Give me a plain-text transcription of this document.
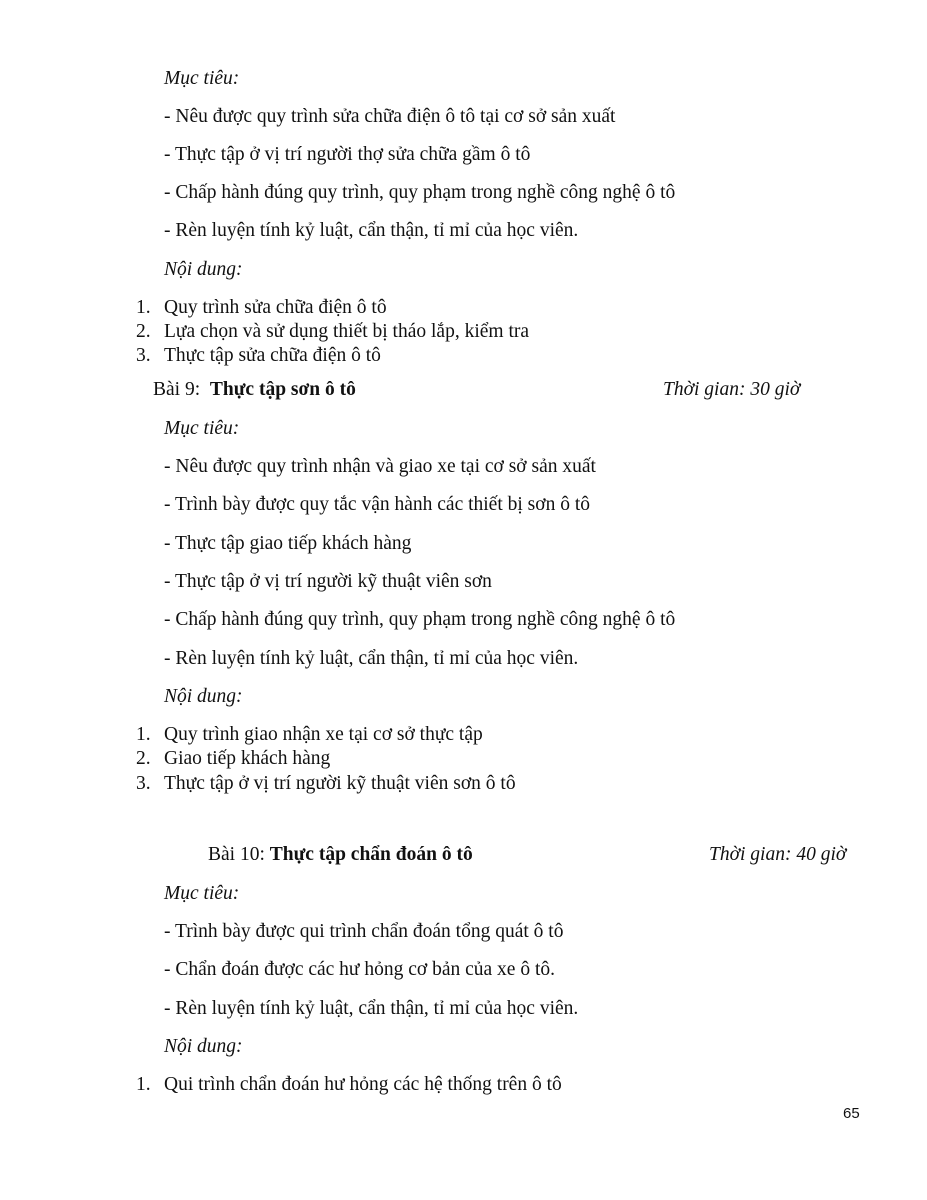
Mục tiêu:
- Nêu được quy trình sửa chữa điện ô tô tại cơ sở sản xuất
- Thực tập ở vị trí người thợ sửa chữa gầm ô tô
- Chấp hành đúng quy trình, quy phạm trong nghề công nghệ ô tô
- Rèn luyện tính kỷ luật, cẩn thận, tỉ mỉ của học viên.
Nội dung:
1. Quy trình sửa chữa điện ô tô
2. Lựa chọn và sử dụng thiết bị tháo lắp, kiểm tra
3. Thực tập sửa chữa điện ô tô
Bài 9: Thực tập sơn ô tô	Thời gian: 30 giờ
Mục tiêu:
- Nêu được quy trình nhận và giao xe tại cơ sở sản xuất
- Trình bày được quy tắc vận hành các thiết bị sơn ô tô
- Thực tập giao tiếp khách hàng
- Thực tập ở vị trí người kỹ thuật viên sơn
- Chấp hành đúng quy trình, quy phạm trong nghề công nghệ ô tô
- Rèn luyện tính kỷ luật, cẩn thận, tỉ mỉ của học viên.
Nội dung:
1. Quy trình giao nhận xe tại cơ sở thực tập
2. Giao tiếp khách hàng
3. Thực tập ở vị trí người kỹ thuật viên sơn ô tô
Bài 10: Thực tập chẩn đoán ô tô	Thời gian: 40 giờ
Mục tiêu:
- Trình bày được qui trình chẩn đoán tổng quát ô tô
- Chẩn đoán được các hư hỏng cơ bản của xe ô tô.
- Rèn luyện tính kỷ luật, cẩn thận, tỉ mỉ của học viên.
Nội dung:
1. Qui trình chẩn đoán hư hỏng các hệ thống trên ô tô
65
